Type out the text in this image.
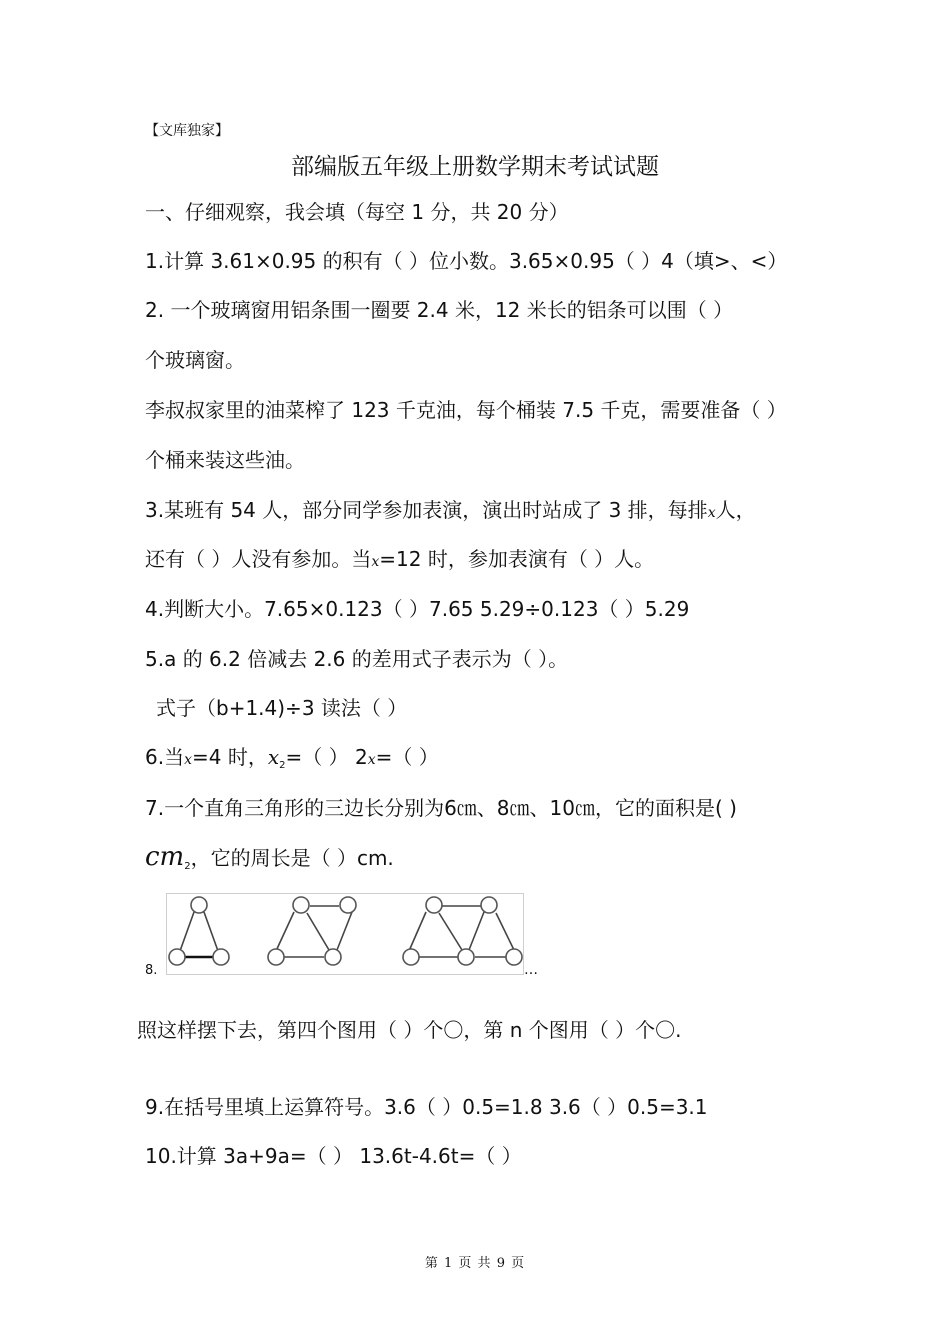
【文库独家】
部编版五年级上册数学期末考试试题
一、仔细观察，我会填（每空 1 分，共 20 分）
1.计算 3.61×0.95 的积有（ ）位小数。3.65×0.95（ ）4（填>、<）
2. 一个玻璃窗用铝条围一圈要 2.4 米，12 米长的铝条可以围（ ）
个玻璃窗。
李叔叔家里的油菜榨了 123 千克油，每个桶装 7.5 千克，需要准备（ ）
个桶来装这些油。
3.某班有 54 人，部分同学参加表演，演出时站成了 3 排，每排x人，
还有（ ）人没有参加。当x=12 时，参加表演有（ ）人。
4.判断大小。7.65×0.123（ ）7.65 5.29÷0.123（ ）5.29
5.a 的 6.2 倍减去 2.6 的差用式子表示为（ ）。
式子（b+1.4)÷3 读法（ ）
6.当x=4 时，$x_2=$（ ） 2x=（ ）
7.一个直角三角形的三边长分别为6㎝、8㎝、10㎝，它的面积是( )
$cm_2$，它的周长是（ ）cm.
8.	…
照这样摆下去，第四个图用（ ）个〇，第 n 个图用（ ）个〇.
9.在括号里填上运算符号。3.6（ ）0.5=1.8 3.6（ ）0.5=3.1
10.计算 3a+9a=（ ） 13.6t-4.6t=（ ）
第 1 页 共 9 页
